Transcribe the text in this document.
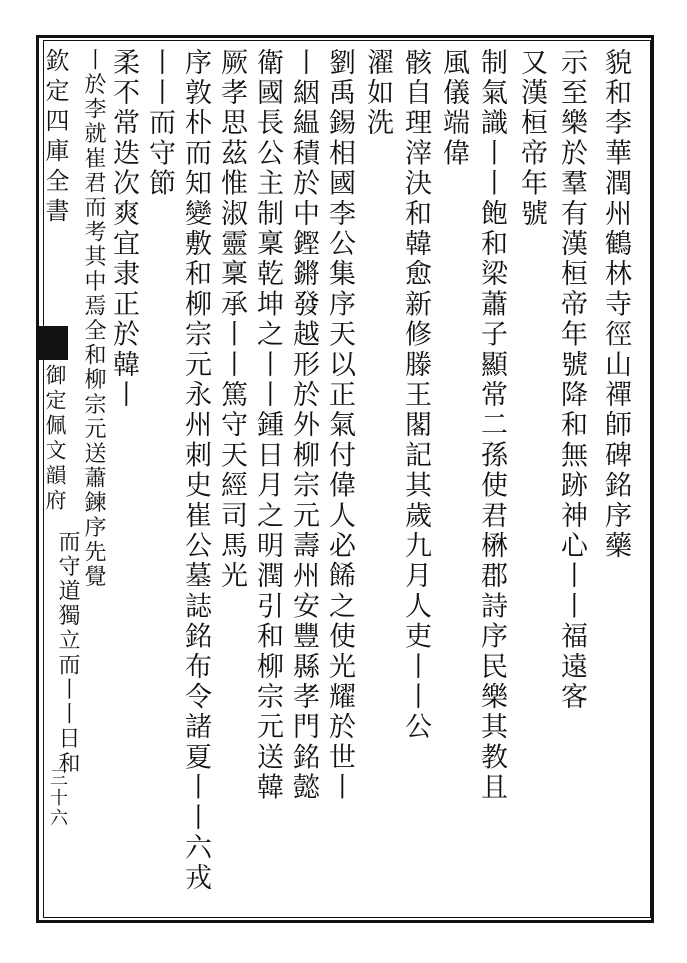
欽定四庫全書
御定佩文韻府
三十六
貌和李華潤州鶴林寺徑山禪師碑銘序藥
示至樂於羣有漢桓帝年號降和無跡神心丨丨福遠客
又漢桓帝年號
制氣識丨丨飽和梁蕭子顯常二孫使君楙郡詩序民樂其教且
風儀端偉
骸自理滓決和韓愈新修滕王閣記其歲九月人吏丨丨公
濯如洗
劉禹錫相國李公集序天以正氣付偉人必餙之使光耀於世丨
丨絪緼積於中鏗鏘發越形於外柳宗元壽州安豐縣孝門銘懿
衛國長公主制稟乾坤之丨丨鍾日月之明潤引和柳宗元送韓
厥孝思茲惟淑靈稟承丨丨篤守天經司馬光
序敦朴而知變敷和柳宗元永州刺史崔公墓誌銘布令諸夏丨丨六戎
丨丨而守節
柔不常迭次爽宜隶正於韓丨
丨於李就崔君而考其中焉全和柳宗元送蕭鍊序先覺
而守道獨立而丨丨日和
